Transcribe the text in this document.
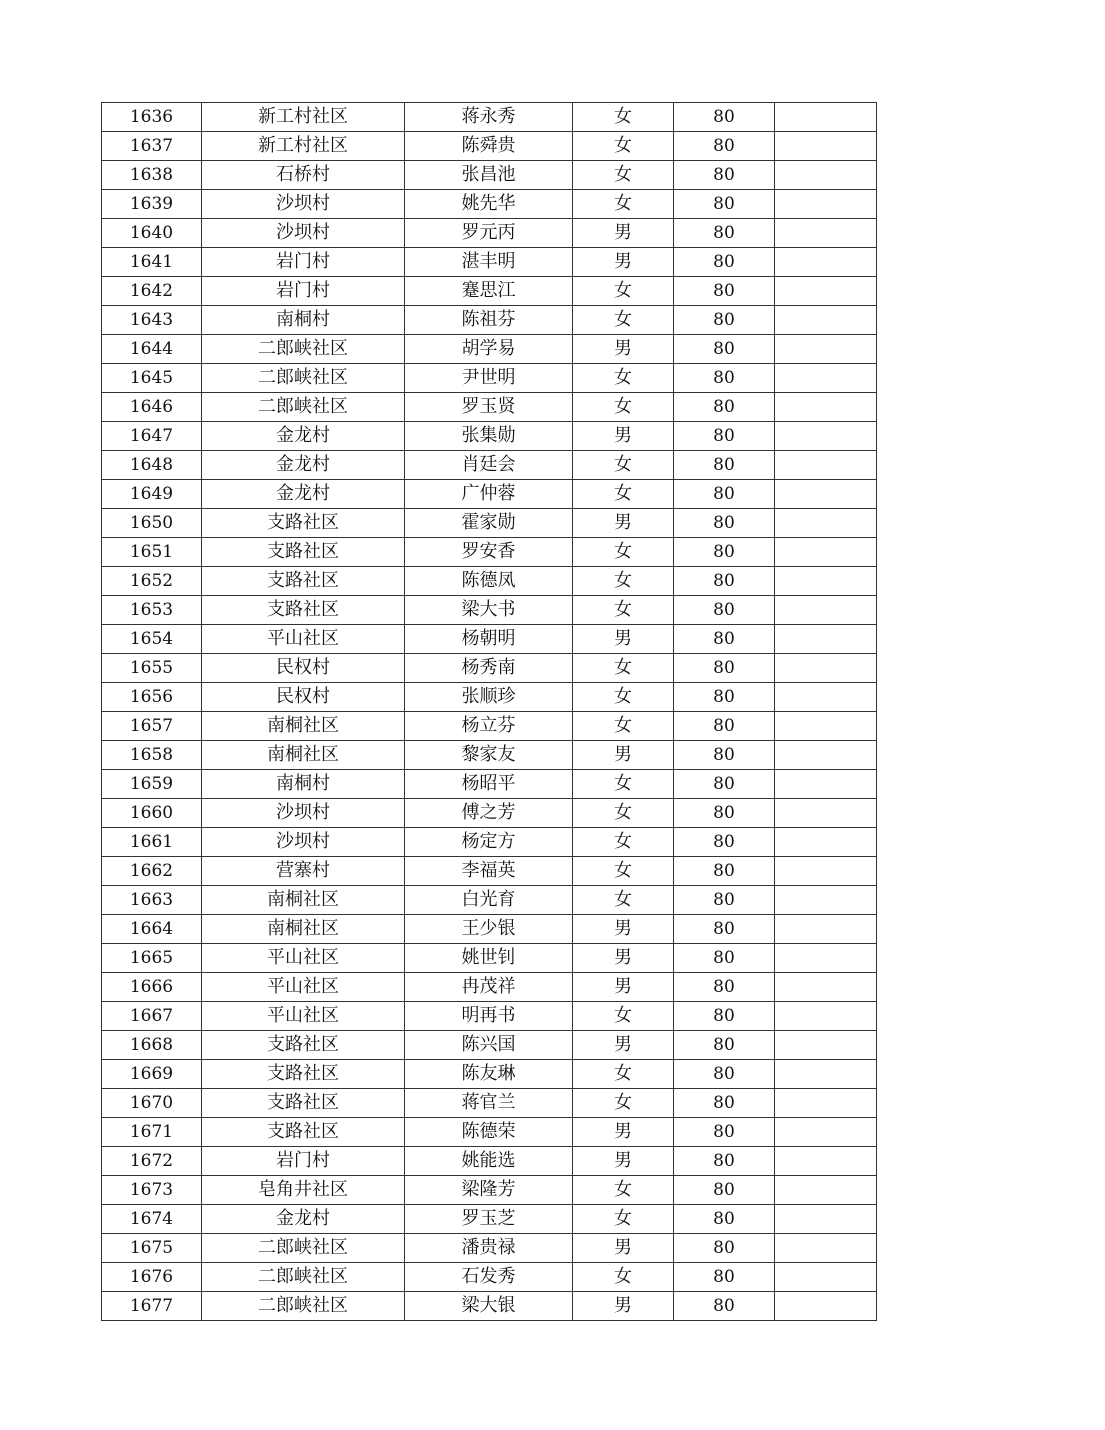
1636	新工村社区	蒋永秀	女	80	
1637	新工村社区	陈舜贵	女	80	
1638	石桥村	张昌池	女	80	
1639	沙坝村	姚先华	女	80	
1640	沙坝村	罗元丙	男	80	
1641	岩门村	湛丰明	男	80	
1642	岩门村	蹇思江	女	80	
1643	南桐村	陈祖芬	女	80	
1644	二郎峡社区	胡学易	男	80	
1645	二郎峡社区	尹世明	女	80	
1646	二郎峡社区	罗玉贤	女	80	
1647	金龙村	张集勋	男	80	
1648	金龙村	肖廷会	女	80	
1649	金龙村	广仲蓉	女	80	
1650	支路社区	霍家勋	男	80	
1651	支路社区	罗安香	女	80	
1652	支路社区	陈德凤	女	80	
1653	支路社区	梁大书	女	80	
1654	平山社区	杨朝明	男	80	
1655	民权村	杨秀南	女	80	
1656	民权村	张顺珍	女	80	
1657	南桐社区	杨立芬	女	80	
1658	南桐社区	黎家友	男	80	
1659	南桐村	杨昭平	女	80	
1660	沙坝村	傅之芳	女	80	
1661	沙坝村	杨定方	女	80	
1662	营寨村	李福英	女	80	
1663	南桐社区	白光育	女	80	
1664	南桐社区	王少银	男	80	
1665	平山社区	姚世钊	男	80	
1666	平山社区	冉茂祥	男	80	
1667	平山社区	明再书	女	80	
1668	支路社区	陈兴国	男	80	
1669	支路社区	陈友琳	女	80	
1670	支路社区	蒋官兰	女	80	
1671	支路社区	陈德荣	男	80	
1672	岩门村	姚能选	男	80	
1673	皂角井社区	梁隆芳	女	80	
1674	金龙村	罗玉芝	女	80	
1675	二郎峡社区	潘贵禄	男	80	
1676	二郎峡社区	石发秀	女	80	
1677	二郎峡社区	梁大银	男	80	
